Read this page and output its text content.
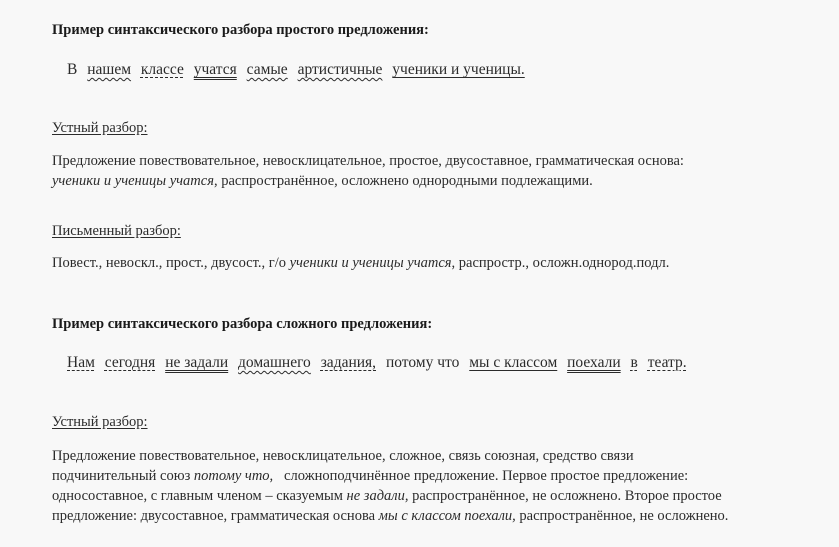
Пример синтаксического разбора простого предложения:
В нашем классе учатся самые артистичные ученики и ученицы.
Устный разбор:
Предложение повествовательное, невосклицательное, простое, двусоставное, грамматическая основа:
ученики и ученицы учатся, распространённое, осложнено однородными подлежащими.
Письменный разбор:
Повест., невоскл., прост., двусост., г/о ученики и ученицы учатся, распростр., осложн.однород.подл.
Пример синтаксического разбора сложного предложения:
Нам сегодня не задали домашнего задания, потому что мы с классом поехали в театр.
Устный разбор:
Предложение повествовательное, невосклицательное, сложное, связь союзная, средство связи
подчинительный союз потому что,   сложноподчинённое предложение. Первое простое предложение:
односоставное, с главным членом – сказуемым не задали, распространённое, не осложнено. Второе простое
предложение: двусоставное, грамматическая основа мы с классом поехали, распространённое, не осложнено.
